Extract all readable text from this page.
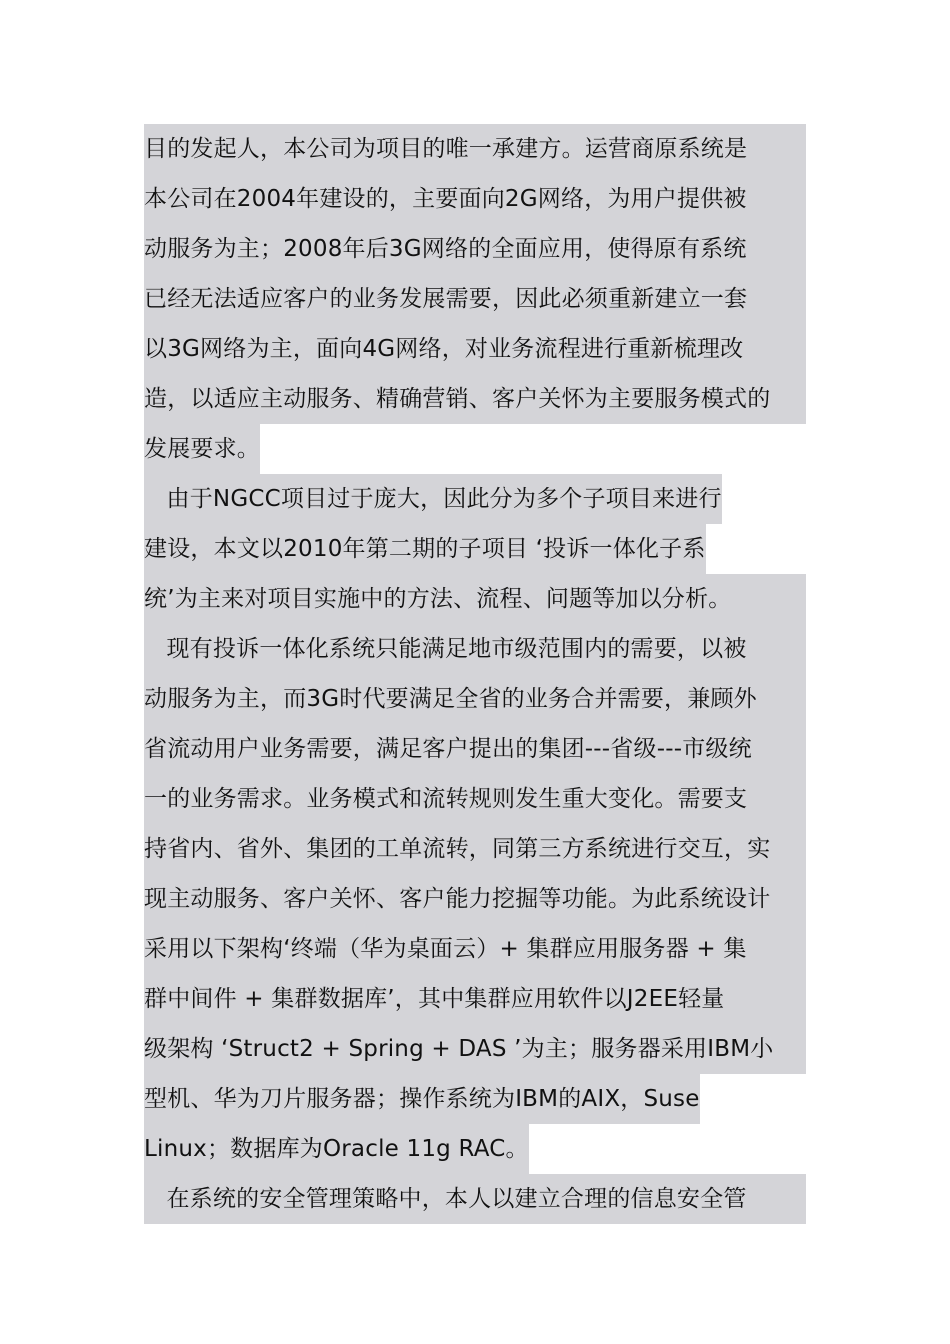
目的发起人，本公司为项目的唯一承建方。运营商原系统是
本公司在2004年建设的，主要面向2G网络，为用户提供被
动服务为主；2008年后3G网络的全面应用，使得原有系统
已经无法适应客户的业务发展需要，因此必须重新建立一套
以3G网络为主，面向4G网络，对业务流程进行重新梳理改
造，以适应主动服务、精确营销、客户关怀为主要服务模式的
发展要求。
由于NGCC项目过于庞大，因此分为多个子项目来进行
建设，本文以2010年第二期的子项目 ‘投诉一体化子系
统’为主来对项目实施中的方法、流程、问题等加以分析。
现有投诉一体化系统只能满足地市级范围内的需要，以被
动服务为主，而3G时代要满足全省的业务合并需要，兼顾外
省流动用户业务需要，满足客户提出的集团---省级---市级统
一的业务需求。业务模式和流转规则发生重大变化。需要支
持省内、省外、集团的工单流转，同第三方系统进行交互，实
现主动服务、客户关怀、客户能力挖掘等功能。为此系统设计
采用以下架构‘终端（华为桌面云）+ 集群应用服务器 + 集
群中间件 + 集群数据库’，其中集群应用软件以J2EE轻量
级架构 ‘Struct2 + Spring + DAS ’为主；服务器采用IBM小
型机、华为刀片服务器；操作系统为IBM的AIX，Suse
Linux；数据库为Oracle 11g RAC。
在系统的安全管理策略中，本人以建立合理的信息安全管
